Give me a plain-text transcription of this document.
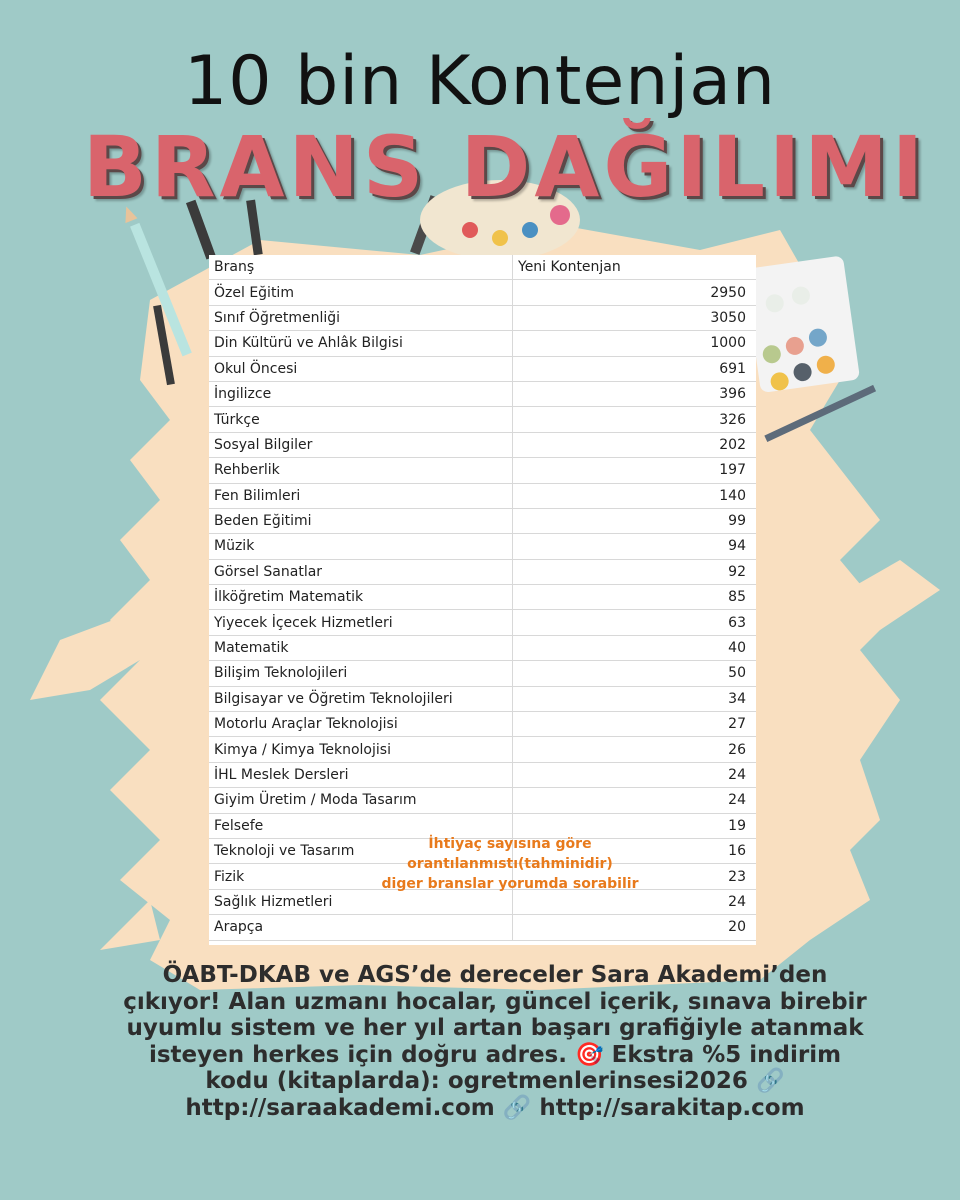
10 bin Kontenjan
BRANS DAĞILIMI
Branş	Yeni Kontenjan
Özel Eğitim	2950
Sınıf Öğretmenliği	3050
Din Kültürü ve Ahlâk Bilgisi	1000
Okul Öncesi	691
İngilizce	396
Türkçe	326
Sosyal Bilgiler	202
Rehberlik	197
Fen Bilimleri	140
Beden Eğitimi	99
Müzik	94
Görsel Sanatlar	92
İlköğretim Matematik	85
Yiyecek İçecek Hizmetleri	63
Matematik	40
Bilişim Teknolojileri	50
Bilgisayar ve Öğretim Teknolojileri	34
Motorlu Araçlar Teknolojisi	27
Kimya / Kimya Teknolojisi	26
İHL Meslek Dersleri	24
Giyim Üretim / Moda Tasarım	24
Felsefe	19
Teknoloji ve Tasarım	16
Fizik	23
Sağlık Hizmetleri	24
Arapça	20
İhtiyaç sayısına göre
orantılanmıstı(tahminidir)
diger branslar yorumda sorabilir

ÖABT-DKAB ve AGS’de dereceler Sara Akademi’den

çıkıyor! Alan uzmanı hocalar, güncel içerik, sınava birebir

uyumlu sistem ve her yıl artan başarı grafiğiyle atanmak

isteyen herkes için doğru adres. 🎯 Ekstra %5 indirim

kodu (kitaplarda): ogretmenlerinsesi2026 🔗

http://saraakademi.com 🔗 http://sarakitap.com
